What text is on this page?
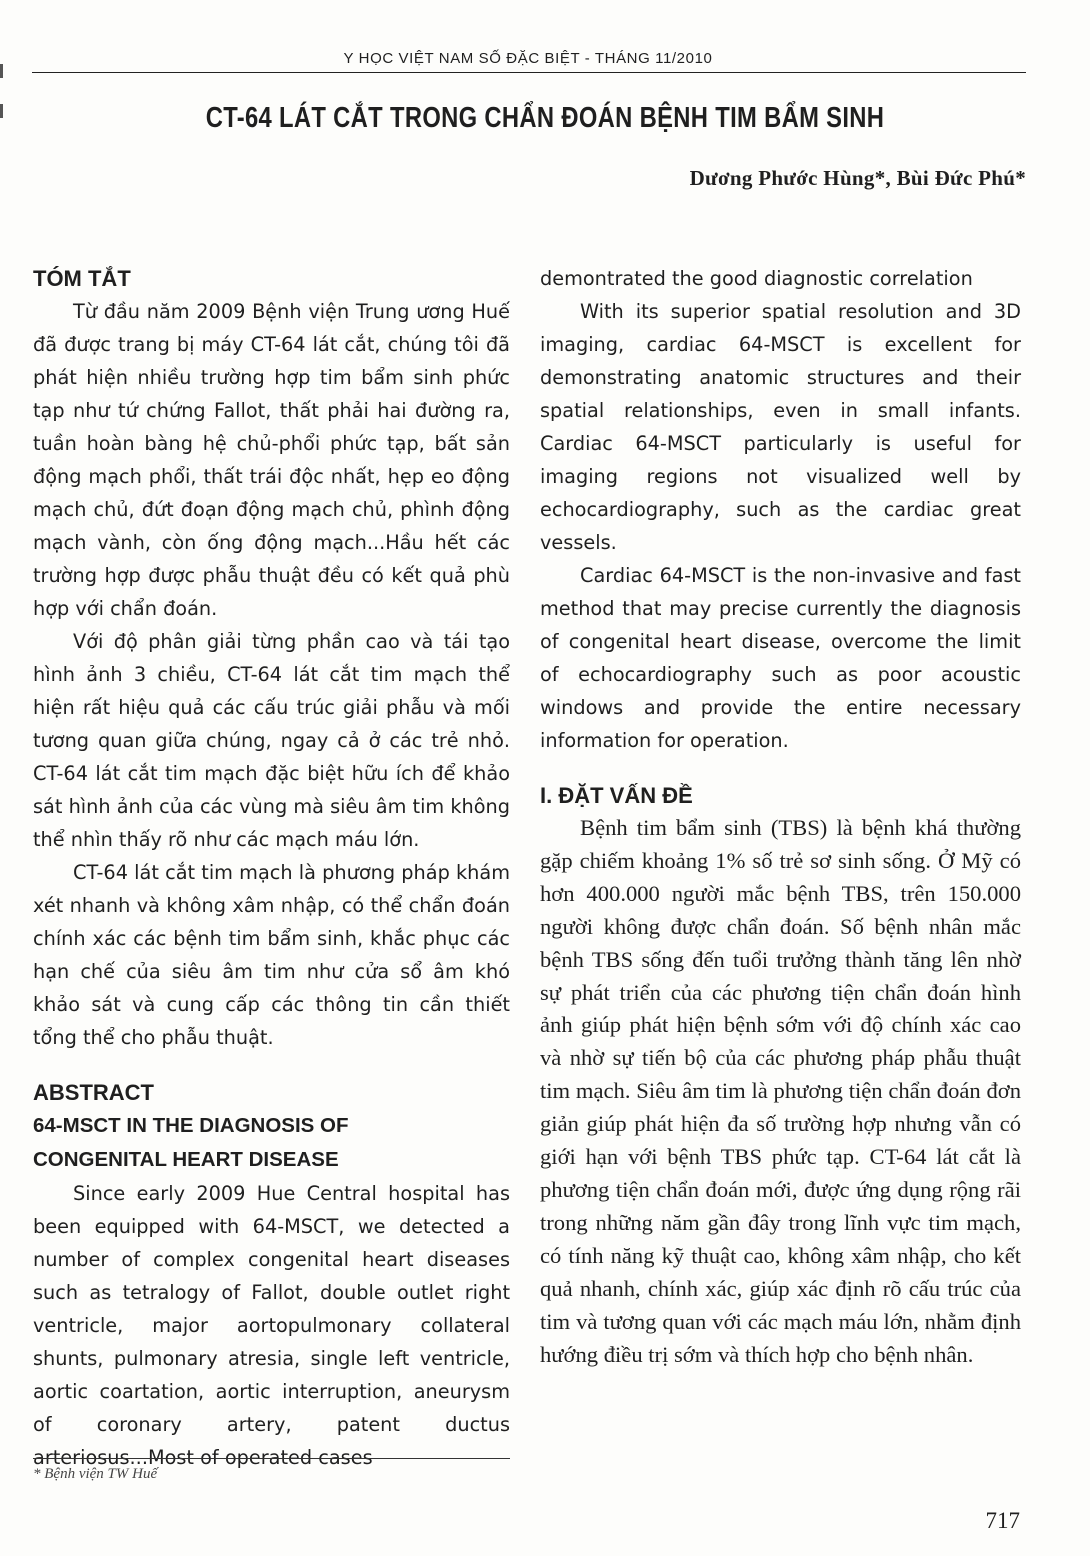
Y HỌC VIỆT NAM SỐ ĐẶC BIỆT - THÁNG 11/2010
CT-64 LÁT CẮT TRONG CHẨN ĐOÁN BỆNH TIM BẨM SINH
Dương Phước Hùng*, Bùi Đức Phú*
TÓM TẮT

Từ đầu năm 2009 Bệnh viện Trung ương Huế đã được trang bị máy CT-64 lát cắt, chúng tôi đã phát hiện nhiều trường hợp tim bẩm sinh phức tạp như tứ chứng Fallot, thất phải hai đường ra, tuần hoàn bàng hệ chủ-phổi phức tạp, bất sản động mạch phổi, thất trái độc nhất, hẹp eo động mạch chủ, đứt đoạn động mạch chủ, phình động mạch vành, còn ống động mạch...Hầu hết các trường hợp được phẫu thuật đều có kết quả phù hợp với chẩn đoán.

Với độ phân giải từng phần cao và tái tạo hình ảnh 3 chiều, CT-64 lát cắt tim mạch thể hiện rất hiệu quả các cấu trúc giải phẫu và mối tương quan giữa chúng, ngay cả ở các trẻ nhỏ. CT-64 lát cắt tim mạch đặc biệt hữu ích để khảo sát hình ảnh của các vùng mà siêu âm tim không thể nhìn thấy rõ như các mạch máu lớn.

CT-64 lát cắt tim mạch là phương pháp khám xét nhanh và không xâm nhập, có thể chẩn đoán chính xác các bệnh tim bẩm sinh, khắc phục các hạn chế của siêu âm tim như cửa sổ âm khó khảo sát và cung cấp các thông tin cần thiết tổng thể cho phẫu thuật.

ABSTRACT

64-MSCT IN THE DIAGNOSIS OF

CONGENITAL HEART DISEASE

Since early 2009 Hue Central hospital has been equipped with 64-MSCT, we detected a number of complex congenital heart diseases such as tetralogy of Fallot, double outlet right ventricle, major aortopulmonary collateral shunts, pulmonary atresia, single left ventricle, aortic coartation, aortic interruption, aneurysm of coronary artery, patent ductus arteriosus...Most of operated cases

demontrated the good diagnostic correlation

With its superior spatial resolution and 3D imaging, cardiac 64-MSCT is excellent for demonstrating anatomic structures and their spatial relationships, even in small infants. Cardiac 64-MSCT particularly is useful for imaging regions not visualized well by echocardiography, such as the cardiac great vessels.

Cardiac 64-MSCT is the non-invasive and fast method that may precise currently the diagnosis of congenital heart disease, overcome the limit of echocardiography such as poor acoustic windows and provide the entire necessary information for operation.

I. ĐẶT VẤN ĐỀ

Bệnh tim bẩm sinh (TBS) là bệnh khá thường gặp chiếm khoảng 1% số trẻ sơ sinh sống. Ở Mỹ có hơn 400.000 người mắc bệnh TBS, trên 150.000 người không được chẩn đoán. Số bệnh nhân mắc bệnh TBS sống đến tuổi trưởng thành tăng lên nhờ sự phát triển của các phương tiện chẩn đoán hình ảnh giúp phát hiện bệnh sớm với độ chính xác cao và nhờ sự tiến bộ của các phương pháp phẫu thuật tim mạch. Siêu âm tim là phương tiện chẩn đoán đơn giản giúp phát hiện đa số trường hợp nhưng vẫn có giới hạn với bệnh TBS phức tạp. CT-64 lát cắt là phương tiện chẩn đoán mới, được ứng dụng rộng rãi trong những năm gần đây trong lĩnh vực tim mạch, có tính năng kỹ thuật cao, không xâm nhập, cho kết quả nhanh, chính xác, giúp xác định rõ cấu trúc của tim và tương quan với các mạch máu lớn, nhằm định hướng điều trị sớm và thích hợp cho bệnh nhân.

* Bệnh viện TW Huế
717
